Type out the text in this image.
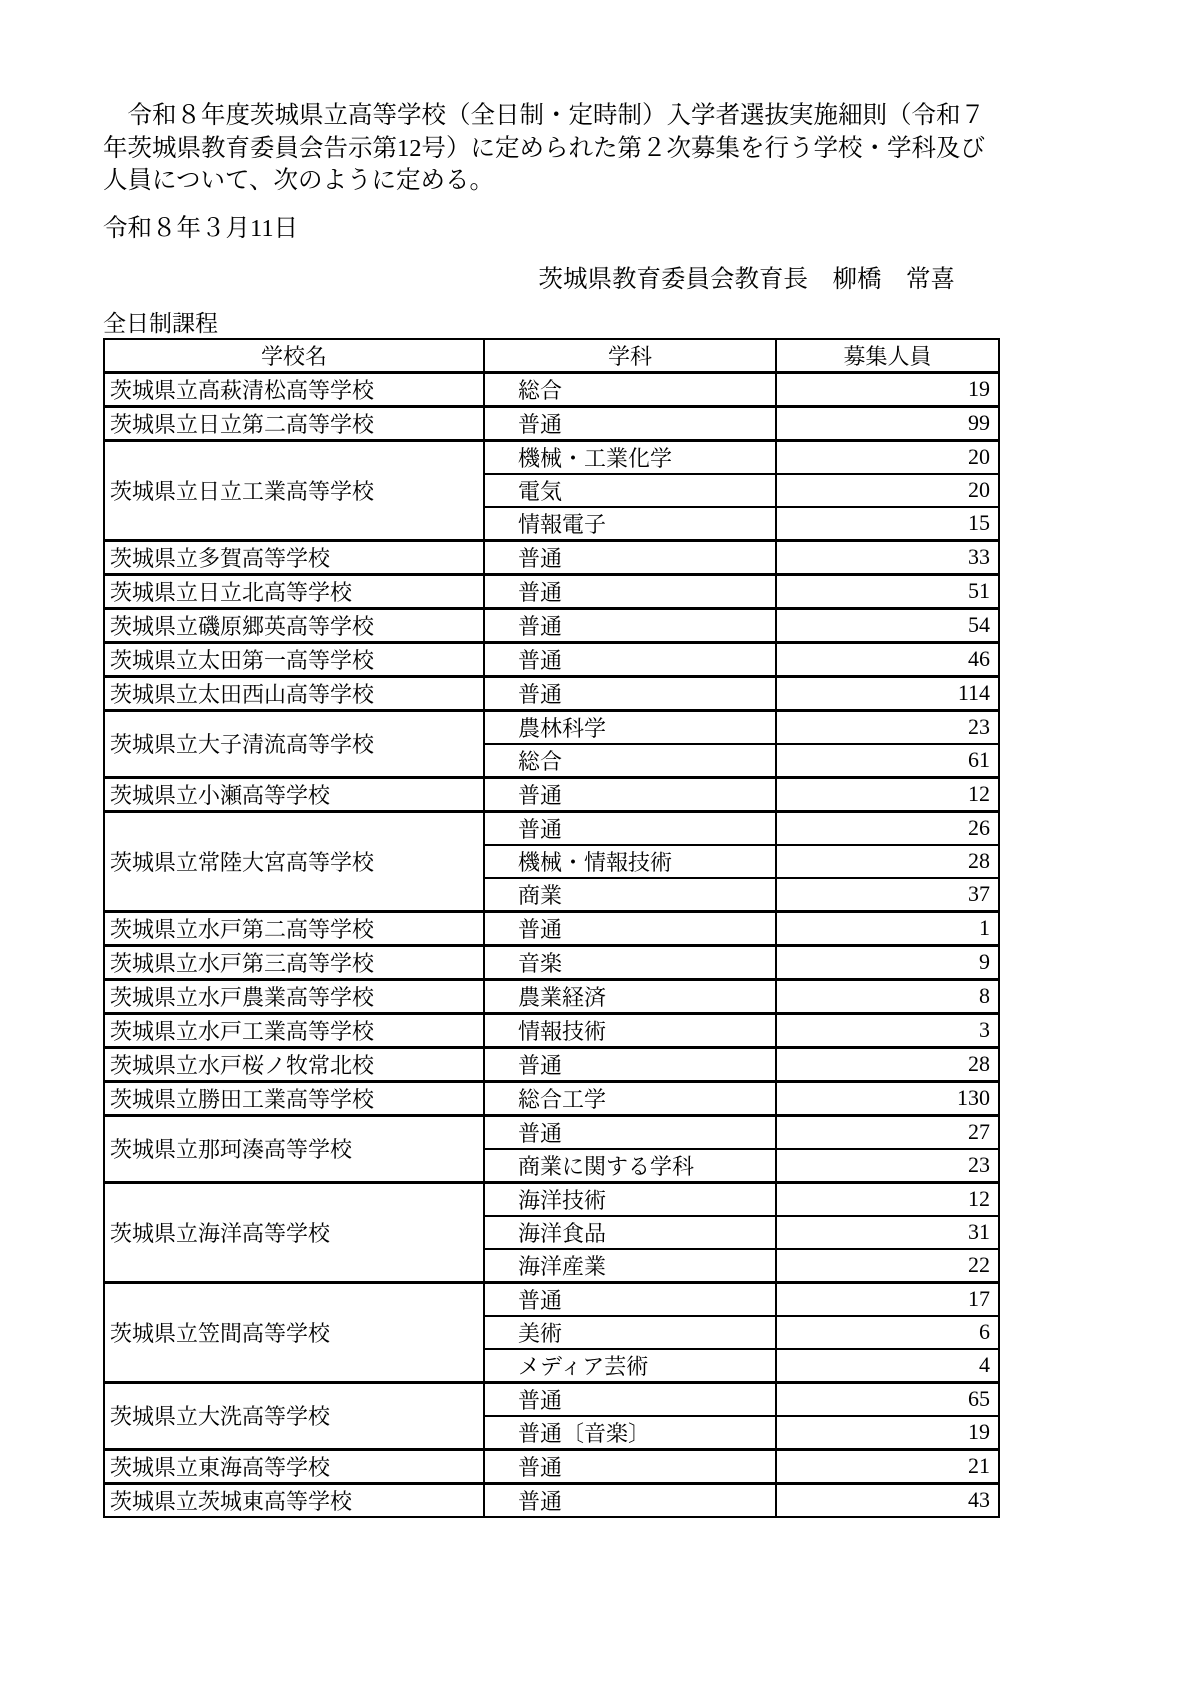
　令和８年度茨城県立高等学校（全日制・定時制）入学者選抜実施細則（令和７
年茨城県教育委員会告示第12号）に定められた第２次募集を行う学校・学科及び
人員について、次のように定める。

令和８年３月11日

茨城県教育委員会教育長　柳橋　常喜

全日制課程
学校名	学科	募集人員
茨城県立高萩清松高等学校	総合	19
茨城県立日立第二高等学校	普通	99
茨城県立日立工業高等学校	機械・工業化学	20
	電気	20
	情報電子	15
茨城県立多賀高等学校	普通	33
茨城県立日立北高等学校	普通	51
茨城県立磯原郷英高等学校	普通	54
茨城県立太田第一高等学校	普通	46
茨城県立太田西山高等学校	普通	114
茨城県立大子清流高等学校	農林科学	23
	総合	61
茨城県立小瀬高等学校	普通	12
茨城県立常陸大宮高等学校	普通	26
	機械・情報技術	28
	商業	37
茨城県立水戸第二高等学校	普通	1
茨城県立水戸第三高等学校	音楽	9
茨城県立水戸農業高等学校	農業経済	8
茨城県立水戸工業高等学校	情報技術	3
茨城県立水戸桜ノ牧常北校	普通	28
茨城県立勝田工業高等学校	総合工学	130
茨城県立那珂湊高等学校	普通	27
	商業に関する学科	23
茨城県立海洋高等学校	海洋技術	12
	海洋食品	31
	海洋産業	22
茨城県立笠間高等学校	普通	17
	美術	6
	メディア芸術	4
茨城県立大洗高等学校	普通	65
	普通〔音楽〕	19
茨城県立東海高等学校	普通	21
茨城県立茨城東高等学校	普通	43
